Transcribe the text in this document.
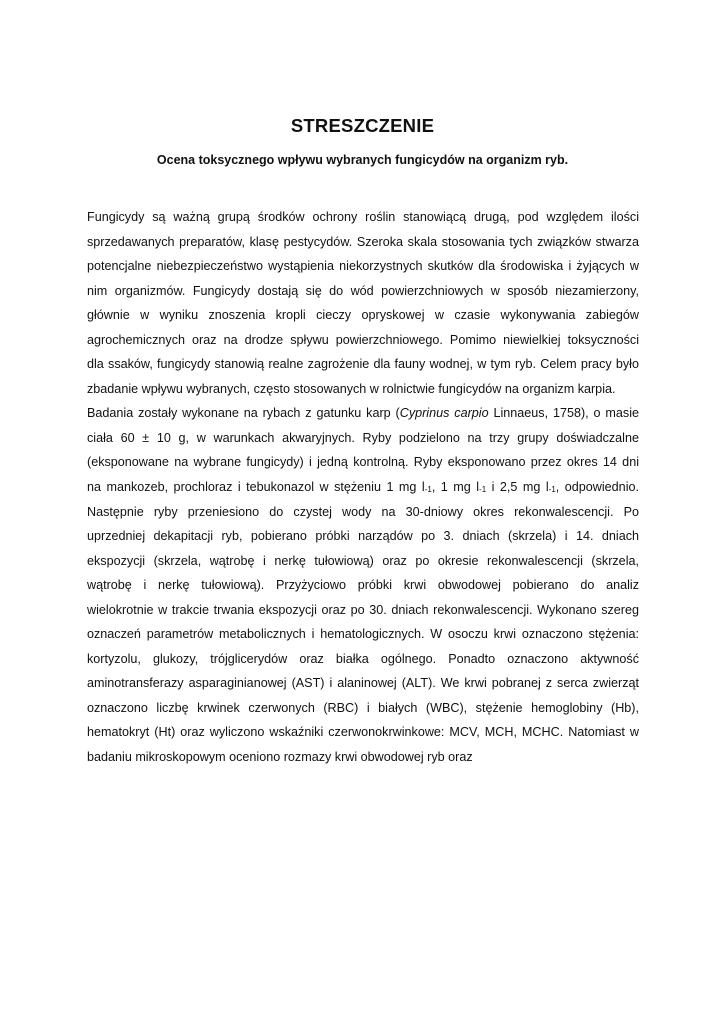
STRESZCZENIE
Ocena toksycznego wpływu wybranych fungicydów na organizm ryb.
Fungicydy są ważną grupą środków ochrony roślin stanowiącą drugą, pod względem ilości
sprzedawanych preparatów, klasę pestycydów. Szeroka skala stosowania tych związków stwarza
potencjalne niebezpieczeństwo wystąpienia niekorzystnych skutków dla środowiska i żyjących w
nim organizmów. Fungicydy dostają się do wód powierzchniowych w sposób niezamierzony,
głównie w wyniku znoszenia kropli cieczy opryskowej w czasie wykonywania zabiegów
agrochemicznych oraz na drodze spływu powierzchniowego. Pomimo niewielkiej toksyczności
dla ssaków, fungicydy stanowią realne zagrożenie dla fauny wodnej, w tym ryb. Celem pracy było
zbadanie wpływu wybranych, często stosowanych w rolnictwie fungicydów na organizm karpia.
Badania zostały wykonane na rybach z gatunku karp (Cyprinus carpio Linnaeus, 1758), o masie
ciała 60 ± 10 g, w warunkach akwaryjnych. Ryby podzielono na trzy grupy doświadczalne
(eksponowane na wybrane fungicydy) i jedną kontrolną. Ryby eksponowano przez okres 14 dni
na mankozeb, prochloraz i tebukonazol w stężeniu 1 mg $l_{-1}$, 1 mg $l_{-1}$ i 2,5 mg $l_{-1}$, odpowiednio.
Następnie ryby przeniesiono do czystej wody na 30-dniowy okres rekonwalescencji. Po
uprzedniej dekapitacji ryb, pobierano próbki narządów po 3. dniach (skrzela) i 14. dniach
ekspozycji (skrzela, wątrobę i nerkę tułowiową) oraz po okresie rekonwalescencji (skrzela,
wątrobę i nerkę tułowiową). Przyżyciowo próbki krwi obwodowej pobierano do analiz
wielokrotnie w trakcie trwania ekspozycji oraz po 30. dniach rekonwalescencji. Wykonano szereg
oznaczeń parametrów metabolicznych i hematologicznych. W osoczu krwi oznaczono stężenia:
kortyzolu, glukozy, trójglicerydów oraz białka ogólnego. Ponadto oznaczono aktywność
aminotransferazy asparaginianowej (AST) i alaninowej (ALT). We krwi pobranej z serca zwierząt
oznaczono liczbę krwinek czerwonych (RBC) i białych (WBC), stężenie hemoglobiny (Hb),
hematokryt (Ht) oraz wyliczono wskaźniki czerwonokrwinkowe: MCV, MCH, MCHC. Natomiast w
badaniu mikroskopowym oceniono rozmazy krwi obwodowej ryb oraz
